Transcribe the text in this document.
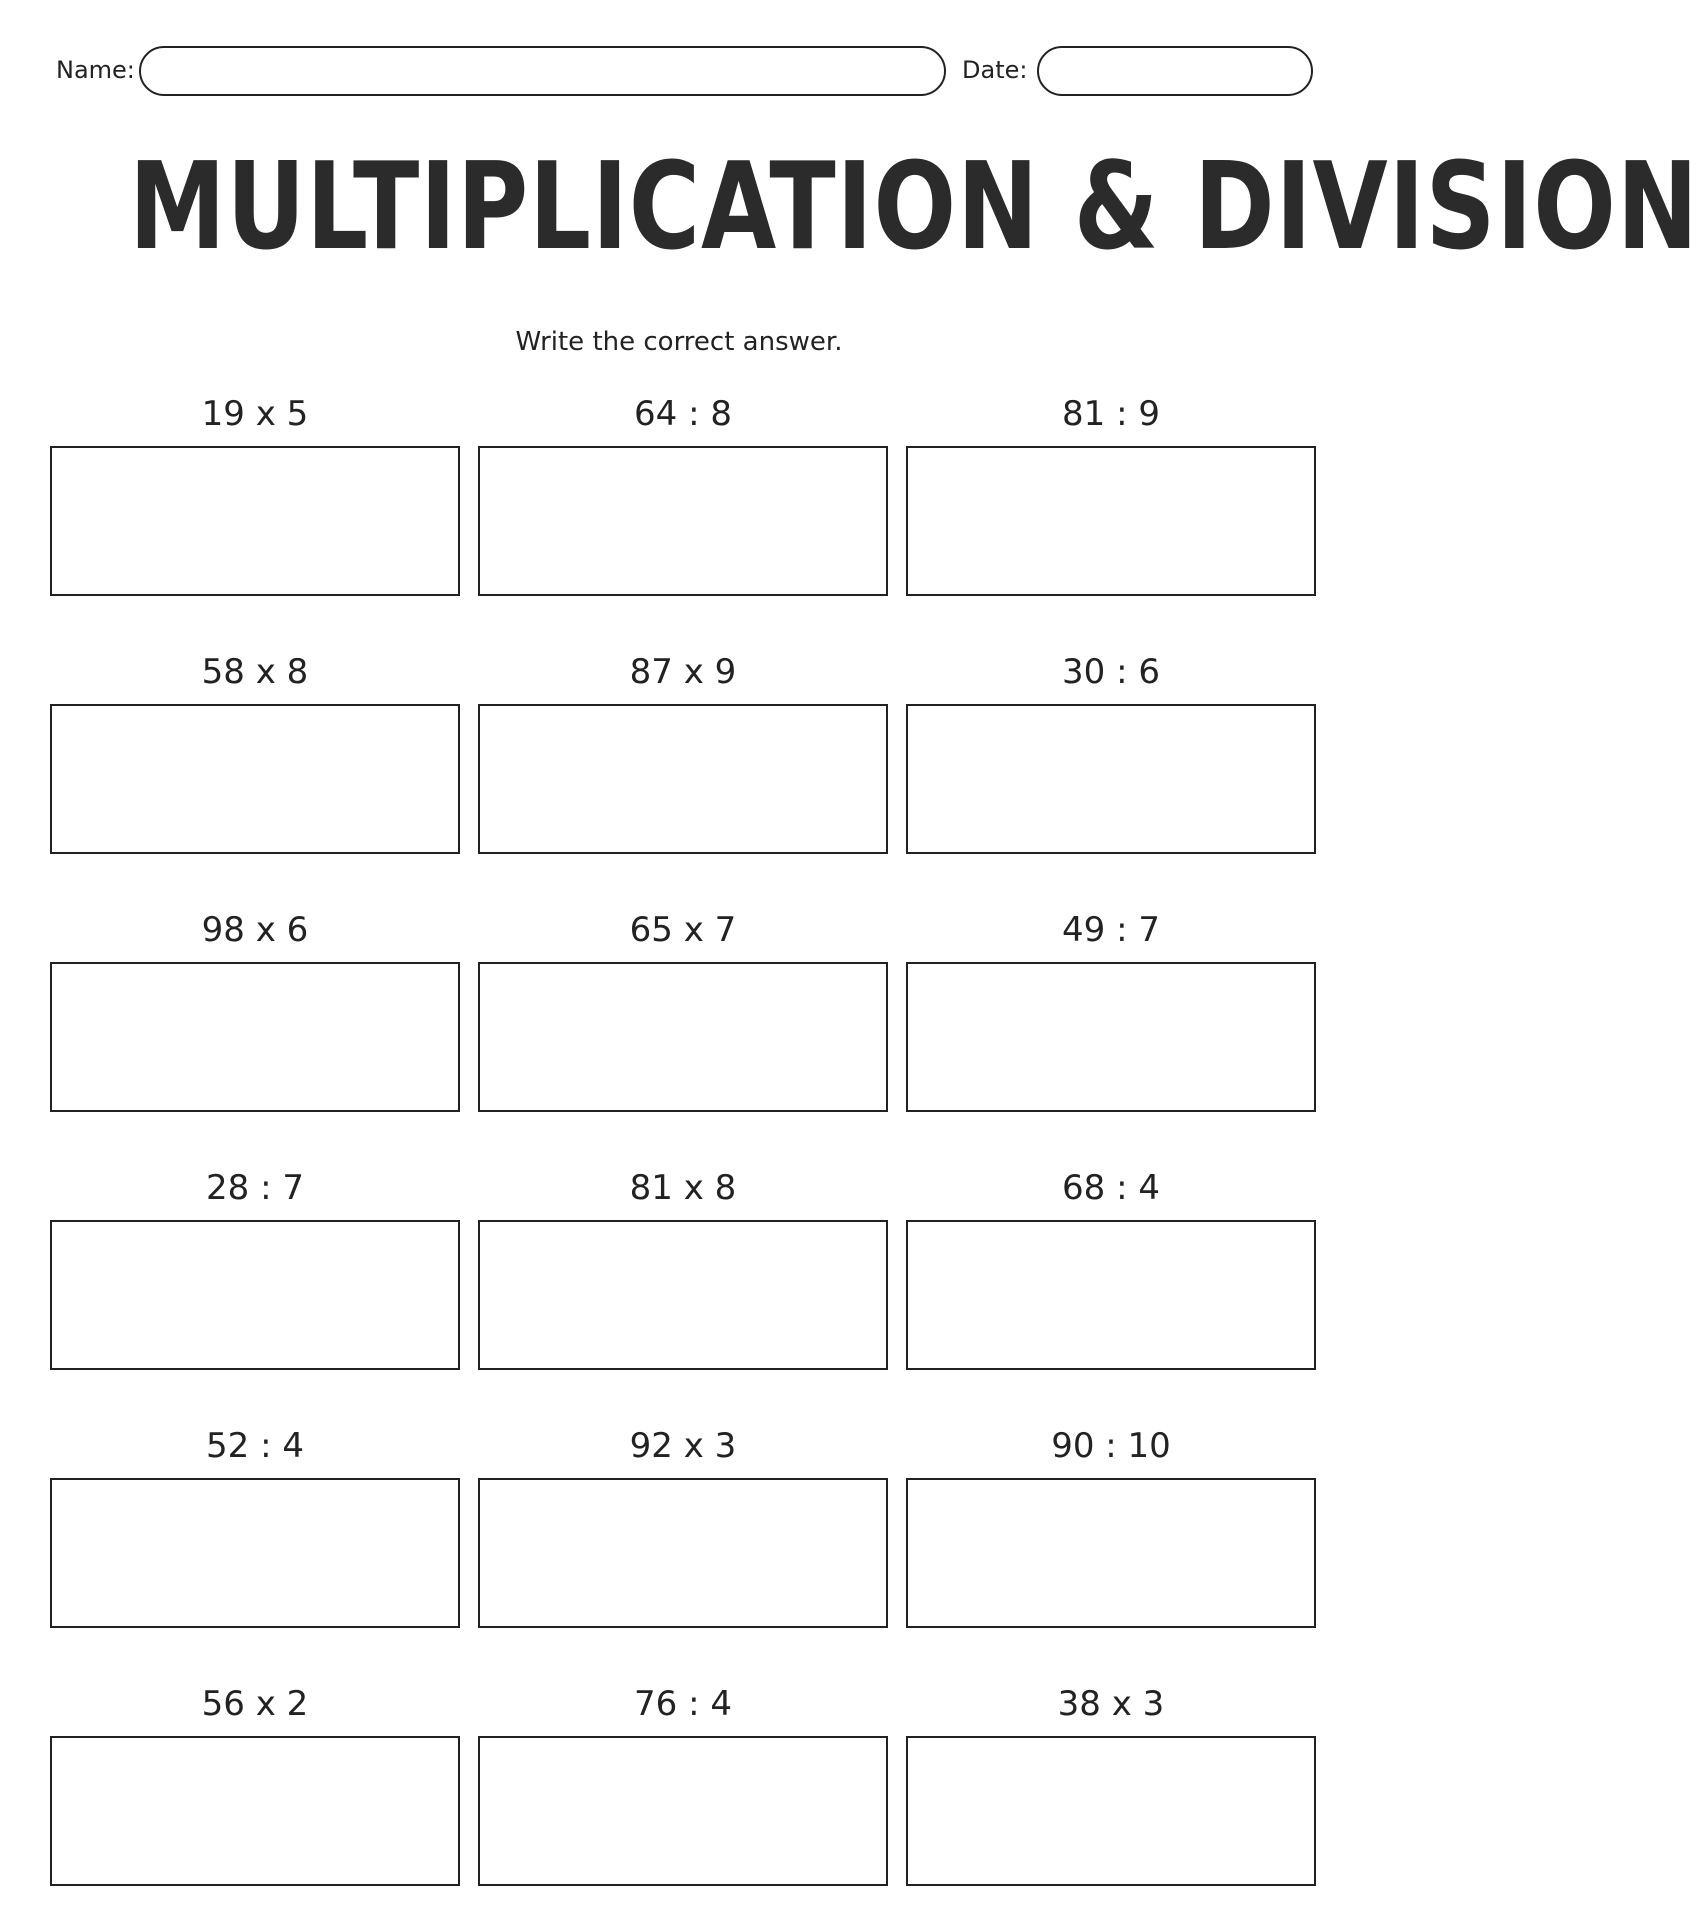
Name:	Date:
MULTIPLICATION & DIVISION
Write the correct answer.
19 x 5	64 : 8	81 : 9
58 x 8	87 x 9	30 : 6
98 x 6	65 x 7	49 : 7
28 : 7	81 x 8	68 : 4
52 : 4	92 x 3	90 : 10
56 x 2	76 : 4	38 x 3
